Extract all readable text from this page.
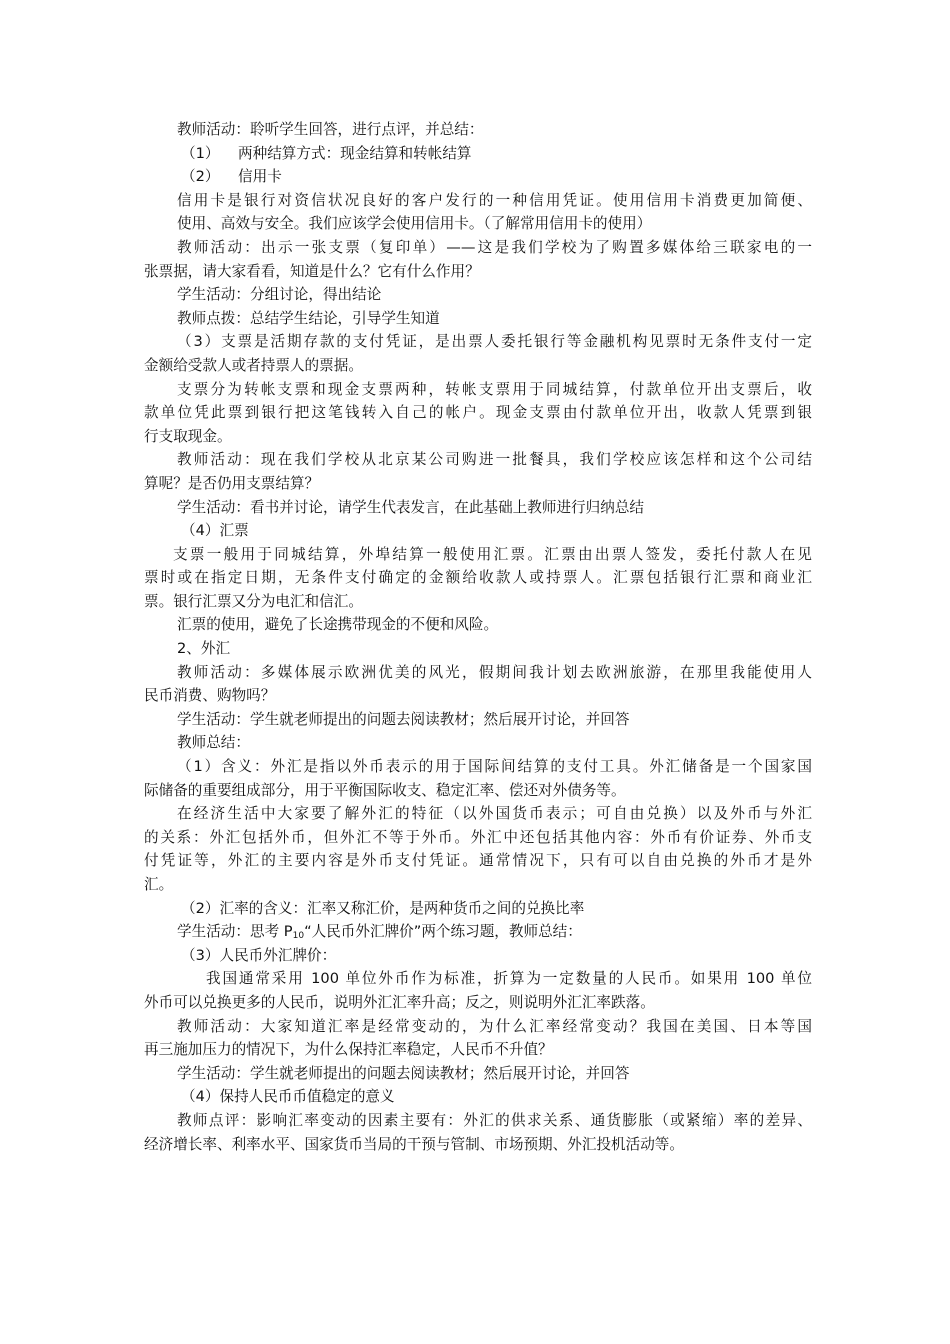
教师活动：聆听学生回答，进行点评，并总结：
（1） 两种结算方式：现金结算和转帐结算
（2） 信用卡
信用卡是银行对资信状况良好的客户发行的一种信用凭证。使用信用卡消费更加简便、
使用、高效与安全。我们应该学会使用信用卡。（了解常用信用卡的使用）
教师活动：出示一张支票（复印单）——这是我们学校为了购置多媒体给三联家电的一
张票据，请大家看看，知道是什么？它有什么作用？
学生活动：分组讨论，得出结论
教师点拨：总结学生结论，引导学生知道
（3）支票是活期存款的支付凭证，是出票人委托银行等金融机构见票时无条件支付一定
金额给受款人或者持票人的票据。
支票分为转帐支票和现金支票两种，转帐支票用于同城结算，付款单位开出支票后，收
款单位凭此票到银行把这笔钱转入自己的帐户。现金支票由付款单位开出，收款人凭票到银
行支取现金。
教师活动：现在我们学校从北京某公司购进一批餐具，我们学校应该怎样和这个公司结
算呢？是否仍用支票结算？
学生活动：看书并讨论，请学生代表发言，在此基础上教师进行归纳总结
（4）汇票
支票一般用于同城结算，外埠结算一般使用汇票。汇票由出票人签发，委托付款人在见
票时或在指定日期，无条件支付确定的金额给收款人或持票人。汇票包括银行汇票和商业汇
票。银行汇票又分为电汇和信汇。
汇票的使用，避免了长途携带现金的不便和风险。
2、外汇
教师活动：多媒体展示欧洲优美的风光，假期间我计划去欧洲旅游，在那里我能使用人
民币消费、购物吗？
学生活动：学生就老师提出的问题去阅读教材；然后展开讨论，并回答
教师总结：
（1）含义：外汇是指以外币表示的用于国际间结算的支付工具。外汇储备是一个国家国
际储备的重要组成部分，用于平衡国际收支、稳定汇率、偿还对外债务等。
在经济生活中大家要了解外汇的特征（以外国货币表示；可自由兑换）以及外币与外汇
的关系：外汇包括外币，但外汇不等于外币。外汇中还包括其他内容：外币有价证券、外币支
付凭证等，外汇的主要内容是外币支付凭证。通常情况下，只有可以自由兑换的外币才是外
汇。
（2）汇率的含义：汇率又称汇价，是两种货币之间的兑换比率
学生活动：思考 $P_{10}“$人民币外汇牌价”两个练习题，教师总结：
（3）人民币外汇牌价：
我国通常采用 100 单位外币作为标准，折算为一定数量的人民币。如果用 100 单位
外币可以兑换更多的人民币，说明外汇汇率升高；反之，则说明外汇汇率跌落。
教师活动：大家知道汇率是经常变动的，为什么汇率经常变动？我国在美国、日本等国
再三施加压力的情况下，为什么保持汇率稳定，人民币不升值？
学生活动：学生就老师提出的问题去阅读教材；然后展开讨论，并回答
（4）保持人民币币值稳定的意义
教师点评：影响汇率变动的因素主要有：外汇的供求关系、通货膨胀（或紧缩）率的差异、
经济增长率、利率水平、国家货币当局的干预与管制、市场预期、外汇投机活动等。
